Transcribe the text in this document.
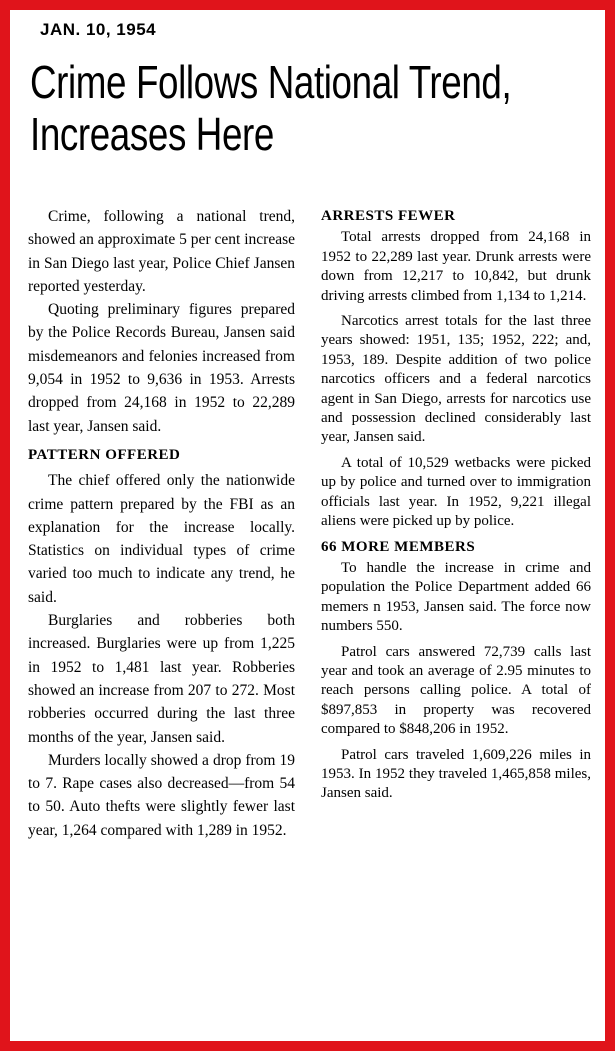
JAN. 10, 1954
Crime Follows National Trend,
Increases Here

Crime, following a national trend, showed an approximate 5 per cent increase in San Diego last year, Police Chief Jansen reported yesterday.

Quoting preliminary figures prepared by the Police Records Bureau, Jansen said misdemeanors and felonies increased from 9,054 in 1952 to 9,636 in 1953. Arrests dropped from 24,168 in 1952 to 22,289 last year, Jansen said.

PATTERN OFFERED

The chief offered only the nationwide crime pattern prepared by the FBI as an explanation for the increase locally. Statistics on individual types of crime varied too much to indicate any trend, he said.

Burglaries and robberies both increased. Burglaries were up from 1,225 in 1952 to 1,481 last year. Robberies showed an increase from 207 to 272. Most robberies occurred during the last three months of the year, Jansen said.

Murders locally showed a drop from 19 to 7. Rape cases also decreased—from 54 to 50. Auto thefts were slightly fewer last year, 1,264 compared with 1,289 in 1952.

ARRESTS FEWER

Total arrests dropped from 24,168 in 1952 to 22,289 last year. Drunk arrests were down from 12,217 to 10,842, but drunk driving arrests climbed from 1,134 to 1,214.

Narcotics arrest totals for the last three years showed: 1951, 135; 1952, 222; and, 1953, 189. Despite addition of two police narcotics officers and a federal narcotics agent in San Diego, arrests for narcotics use and possession declined considerably last year, Jansen said.

A total of 10,529 wetbacks were picked up by police and turned over to immigration officials last year. In 1952, 9,221 illegal aliens were picked up by police.

66 MORE MEMBERS

To handle the increase in crime and population the Police Department added 66 memers n 1953, Jansen said. The force now numbers 550.

Patrol cars answered 72,739 calls last year and took an average of 2.95 minutes to reach persons calling police. A total of $897,853 in property was recovered compared to $848,206 in 1952.

Patrol cars traveled 1,609,226 miles in 1953. In 1952 they traveled 1,465,858 miles, Jansen said.
